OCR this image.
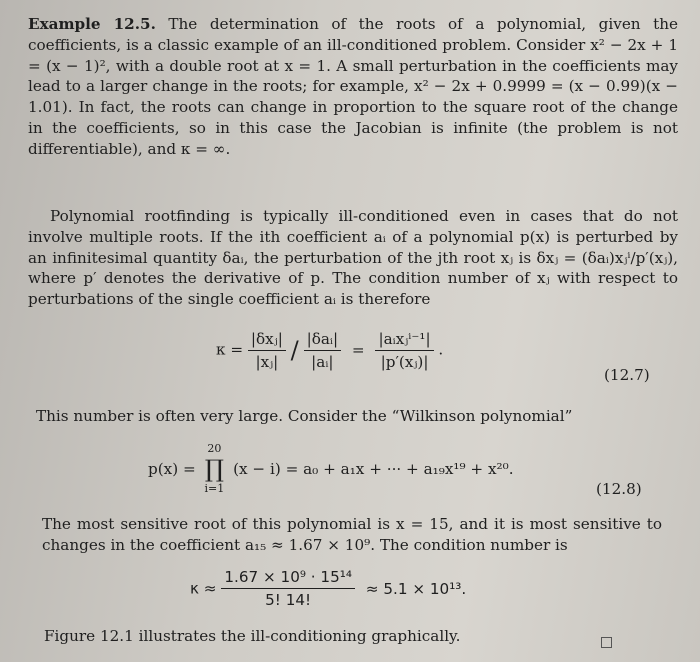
Example 12.5. The determination of the roots of a polynomial, given the coefficients, is a classic example of an ill-conditioned problem. Consider x² − 2x + 1 = (x − 1)², with a double root at x = 1. A small perturbation in the coefficients may lead to a larger change in the roots; for example, x² − 2x + 0.9999 = (x − 0.99)(x − 1.01). In fact, the roots can change in proportion to the square root of the change in the coefficients, so in this case the Jacobian is infinite (the problem is not differentiable), and κ = ∞.

Polynomial rootfinding is typically ill-conditioned even in cases that do not involve multiple roots. If the ith coefficient aᵢ of a polynomial p(x) is perturbed by an infinitesimal quantity δaᵢ, the perturbation of the jth root xⱼ is δxⱼ = (δaᵢ)xⱼⁱ/p′(xⱼ), where p′ denotes the derivative of p. The condition number of xⱼ with respect to perturbations of the single coefficient aᵢ is therefore

$\kappa = \frac{\text{|δxⱼ|}}{\text{|xⱼ|}} / \frac{\text{|δaᵢ|}}{\text{|aᵢ|}} = \frac{\text{|aᵢxⱼⁱ⁻¹|}}{\text{|p′(xⱼ)|}}$ .
(12.7)

This number is often very large. Consider the “Wilkinson polynomial”

p(x) =
20
∏
i=1
(x − i) = a₀ + a₁x + ··· + a₁₉x¹⁹ + x²⁰.
(12.8)

The most sensitive root of this polynomial is x = 15, and it is most sensitive to changes in the coefficient a₁₅ ≈ 1.67 × 10⁹. The condition number is

$\kappa \approx \frac{\text{1.67 × 10⁹ · 15¹⁴}}{5! 14!} \approx 5.1 \times 10^{13}$.

Figure 12.1 illustrates the ill-conditioning graphically.
